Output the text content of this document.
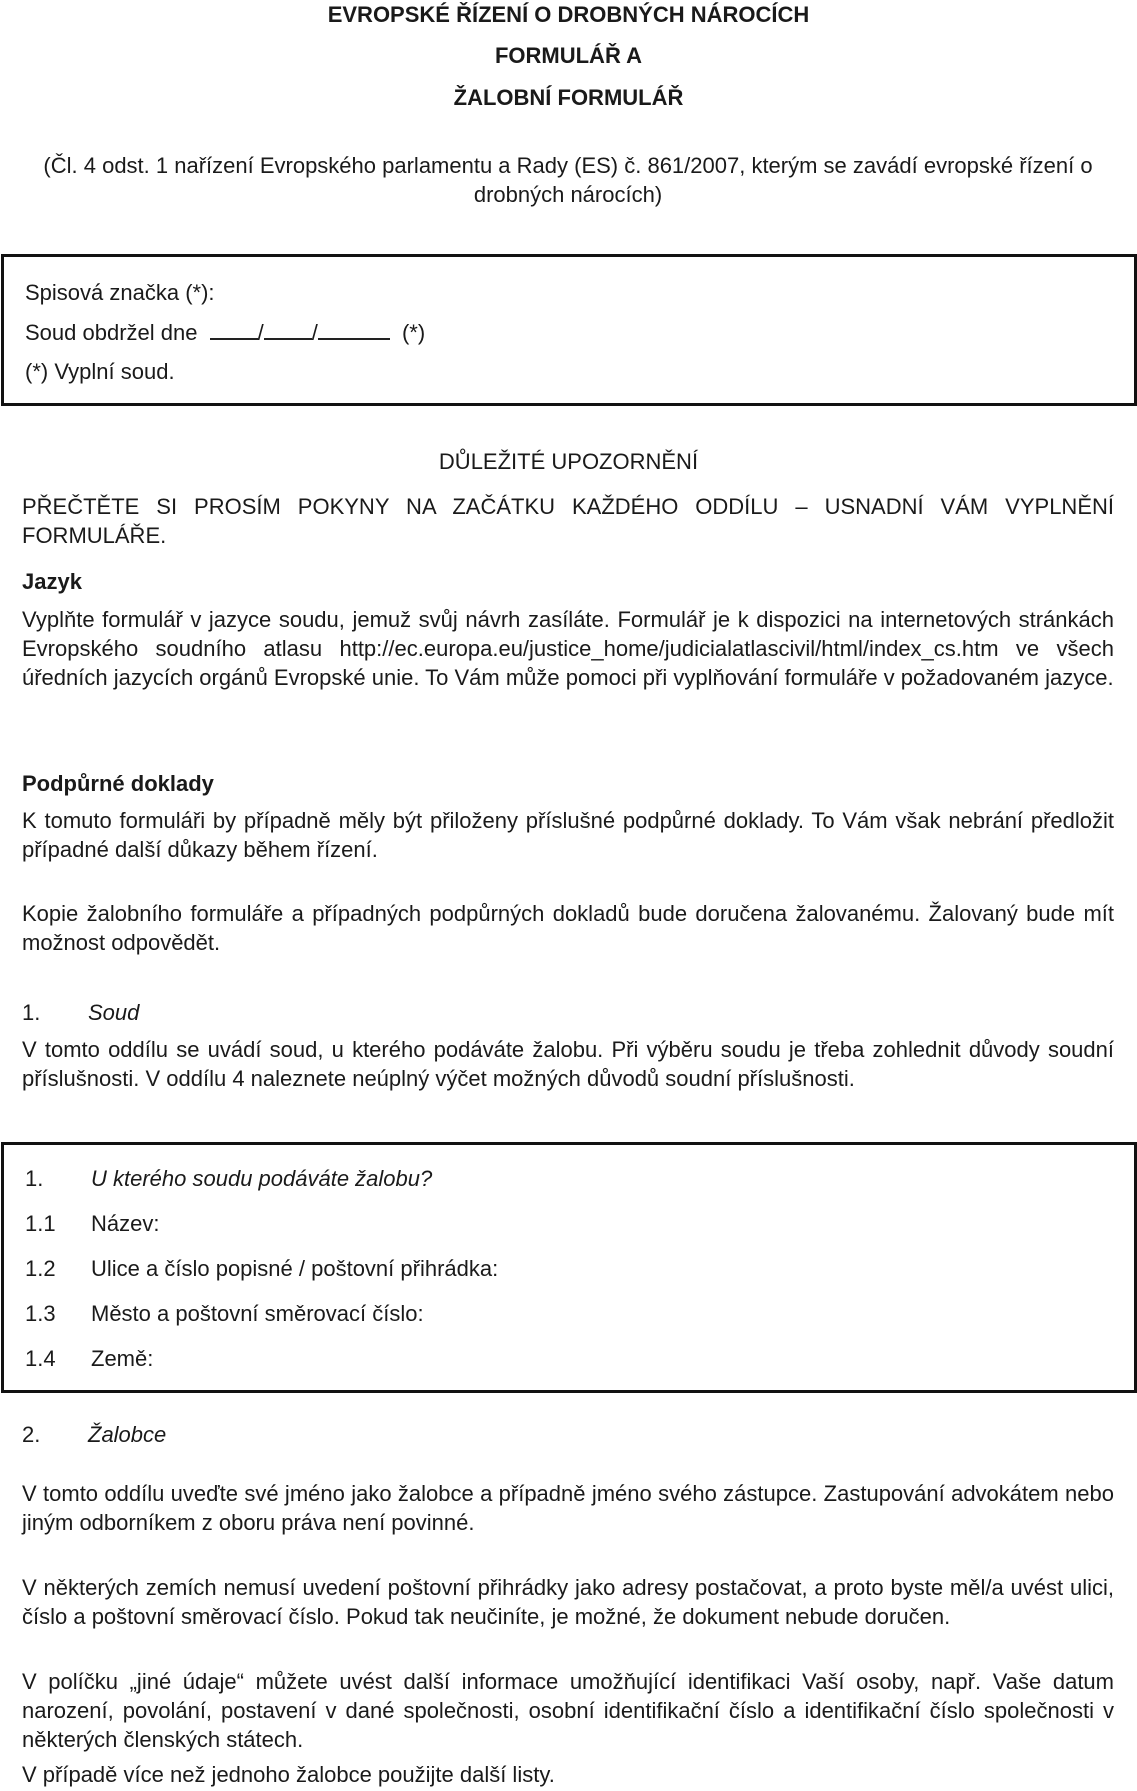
EVROPSKÉ ŘÍZENÍ O DROBNÝCH NÁROCÍCH

FORMULÁŘ A

ŽALOBNÍ FORMULÁŘ

(Čl. 4 odst. 1 nařízení Evropského parlamentu a Rady (ES) č. 861/2007, kterým se zavádí evropské řízení o drobných nárocích)

Spisová značka (*):

Soud obdržel dne	/ /	(*)

(*) Vyplní soud.

DŮLEŽITÉ UPOZORNĚNÍ

PŘEČTĚTE SI PROSÍM POKYNY NA ZAČÁTKU KAŽDÉHO ODDÍLU – USNADNÍ VÁM VYPLNĚNÍ FORMULÁŘE.

Jazyk

Vyplňte formulář v jazyce soudu, jemuž svůj návrh zasíláte. Formulář je k dispozici na internetových stránkách Evropského soudního atlasu http://ec.europa.eu/justice_home/judicialatlascivil/html/index_cs.htm ve všech úředních jazycích orgánů Evropské unie. To Vám může pomoci při vyplňování formuláře v požadovaném jazyce.

Podpůrné doklady

K tomuto formuláři by případně měly být přiloženy příslušné podpůrné doklady. To Vám však nebrání předložit případné další důkazy během řízení.

Kopie žalobního formuláře a případných podpůrných dokladů bude doručena žalovanému. Žalovaný bude mít možnost odpovědět.

1. Soud

V tomto oddílu se uvádí soud, u kterého podáváte žalobu. Při výběru soudu je třeba zohlednit důvody soudní příslušnosti. V oddílu 4 naleznete neúplný výčet možných důvodů soudní příslušnosti.

1. U kterého soudu podáváte žalobu?
1.1 Název:
1.2 Ulice a číslo popisné / poštovní přihrádka:
1.3 Město a poštovní směrovací číslo:
1.4 Země:
2. Žalobce

V tomto oddílu uveďte své jméno jako žalobce a případně jméno svého zástupce. Zastupování advokátem nebo jiným odborníkem z oboru práva není povinné.

V některých zemích nemusí uvedení poštovní přihrádky jako adresy postačovat, a proto byste měl/a uvést ulici, číslo a poštovní směrovací číslo. Pokud tak neučiníte, je možné, že dokument nebude doručen.

V políčku „jiné údaje“ můžete uvést další informace umožňující identifikaci Vaší osoby, např. Vaše datum narození, povolání, postavení v dané společnosti, osobní identifikační číslo a identifikační číslo společnosti v některých členských státech.

V případě více než jednoho žalobce použijte další listy.
